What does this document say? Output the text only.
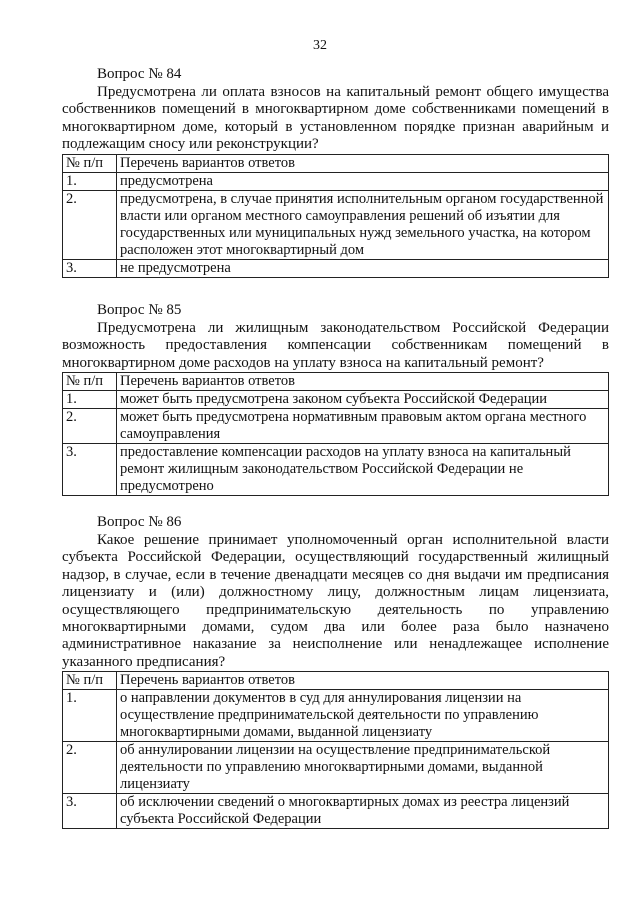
32

Вопрос № 84

Предусмотрена ли оплата взносов на капитальный ремонт общего имущества собственников помещений в многоквартирном доме собственниками помещений в многоквартирном доме, который в установленном порядке признан аварийным и подлежащим сносу или реконструкции?

№ п/п	Перечень вариантов ответов
1.	предусмотрена
2.	предусмотрена, в случае принятия исполнительным органом государственной власти или органом местного самоуправления решений об изъятии для государственных или муниципальных нужд земельного участка, на котором расположен этот многоквартирный дом
3.	не предусмотрена

Вопрос № 85

Предусмотрена ли жилищным законодательством Российской Федерации возможность предоставления компенсации собственникам помещений в многоквартирном доме расходов на уплату взноса на капитальный ремонт?

№ п/п	Перечень вариантов ответов
1.	может быть предусмотрена законом субъекта Российской Федерации
2.	может быть предусмотрена нормативным правовым актом органа местного самоуправления
3.	предоставление компенсации расходов на уплату взноса на капитальный ремонт жилищным законодательством Российской Федерации не предусмотрено

Вопрос № 86

Какое решение принимает уполномоченный орган исполнительной власти субъекта Российской Федерации, осуществляющий государственный жилищный надзор, в случае, если в течение двенадцати месяцев со дня выдачи им предписания лицензиату и (или) должностному лицу, должностным лицам лицензиата, осуществляющего предпринимательскую деятельность по управлению многоквартирными домами, судом два или более раза было назначено административное наказание за неисполнение или ненадлежащее исполнение указанного предписания?

№ п/п	Перечень вариантов ответов
1.	о направлении документов в суд для аннулирования лицензии на осуществление предпринимательской деятельности по управлению многоквартирными домами, выданной лицензиату
2.	об аннулировании лицензии на осуществление предпринимательской деятельности по управлению многоквартирными домами, выданной лицензиату
3.	об исключении сведений о многоквартирных домах из реестра лицензий субъекта Российской Федерации
